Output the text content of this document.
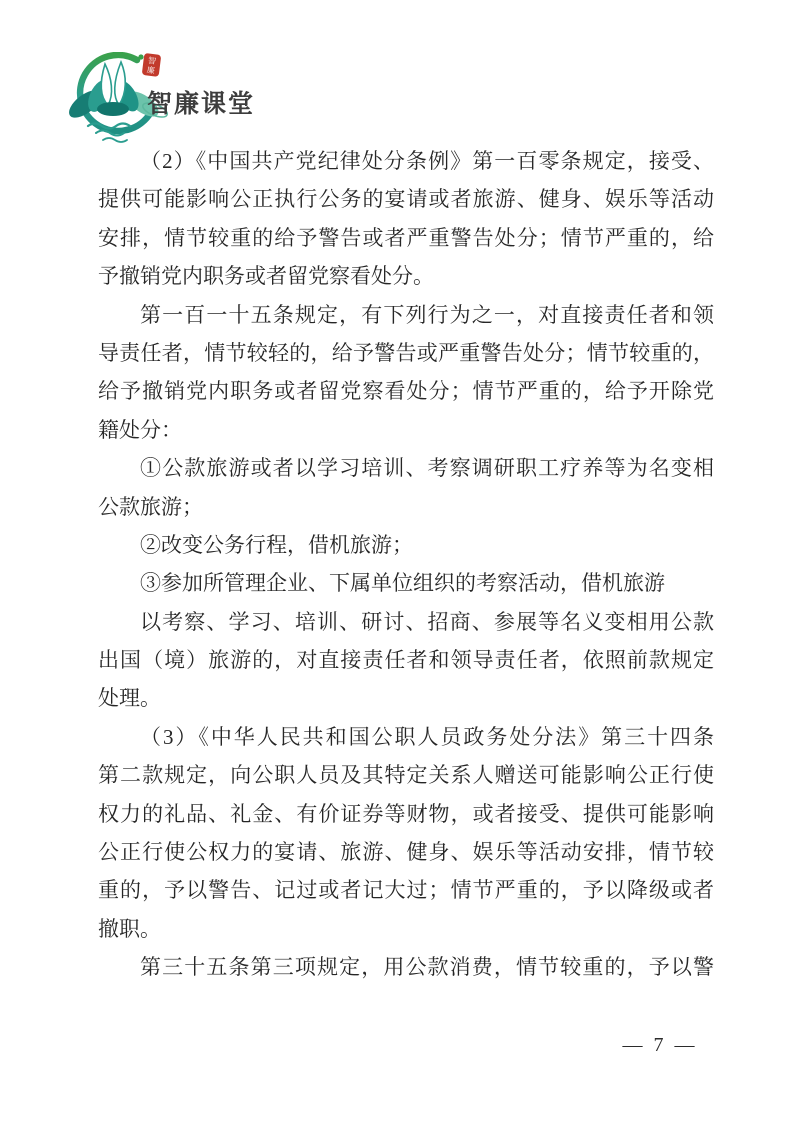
智
廉
智廉课堂
（2）《中国共产党纪律处分条例》第一百零条规定，接受、
提供可能影响公正执行公务的宴请或者旅游、健身、娱乐等活动
安排，情节较重的给予警告或者严重警告处分；情节严重的，给
予撤销党内职务或者留党察看处分。
第一百一十五条规定，有下列行为之一，对直接责任者和领
导责任者，情节较轻的，给予警告或严重警告处分；情节较重的，
给予撤销党内职务或者留党察看处分；情节严重的，给予开除党
籍处分：
①公款旅游或者以学习培训、考察调研职工疗养等为名变相
公款旅游；
②改变公务行程，借机旅游；
③参加所管理企业、下属单位组织的考察活动，借机旅游
以考察、学习、培训、研讨、招商、参展等名义变相用公款
出国（境）旅游的，对直接责任者和领导责任者，依照前款规定
处理。
（3）《中华人民共和国公职人员政务处分法》第三十四条
第二款规定，向公职人员及其特定关系人赠送可能影响公正行使
权力的礼品、礼金、有价证券等财物，或者接受、提供可能影响
公正行使公权力的宴请、旅游、健身、娱乐等活动安排，情节较
重的，予以警告、记过或者记大过；情节严重的，予以降级或者
撤职。
第三十五条第三项规定，用公款消费，情节较重的，予以警
— 7 —
